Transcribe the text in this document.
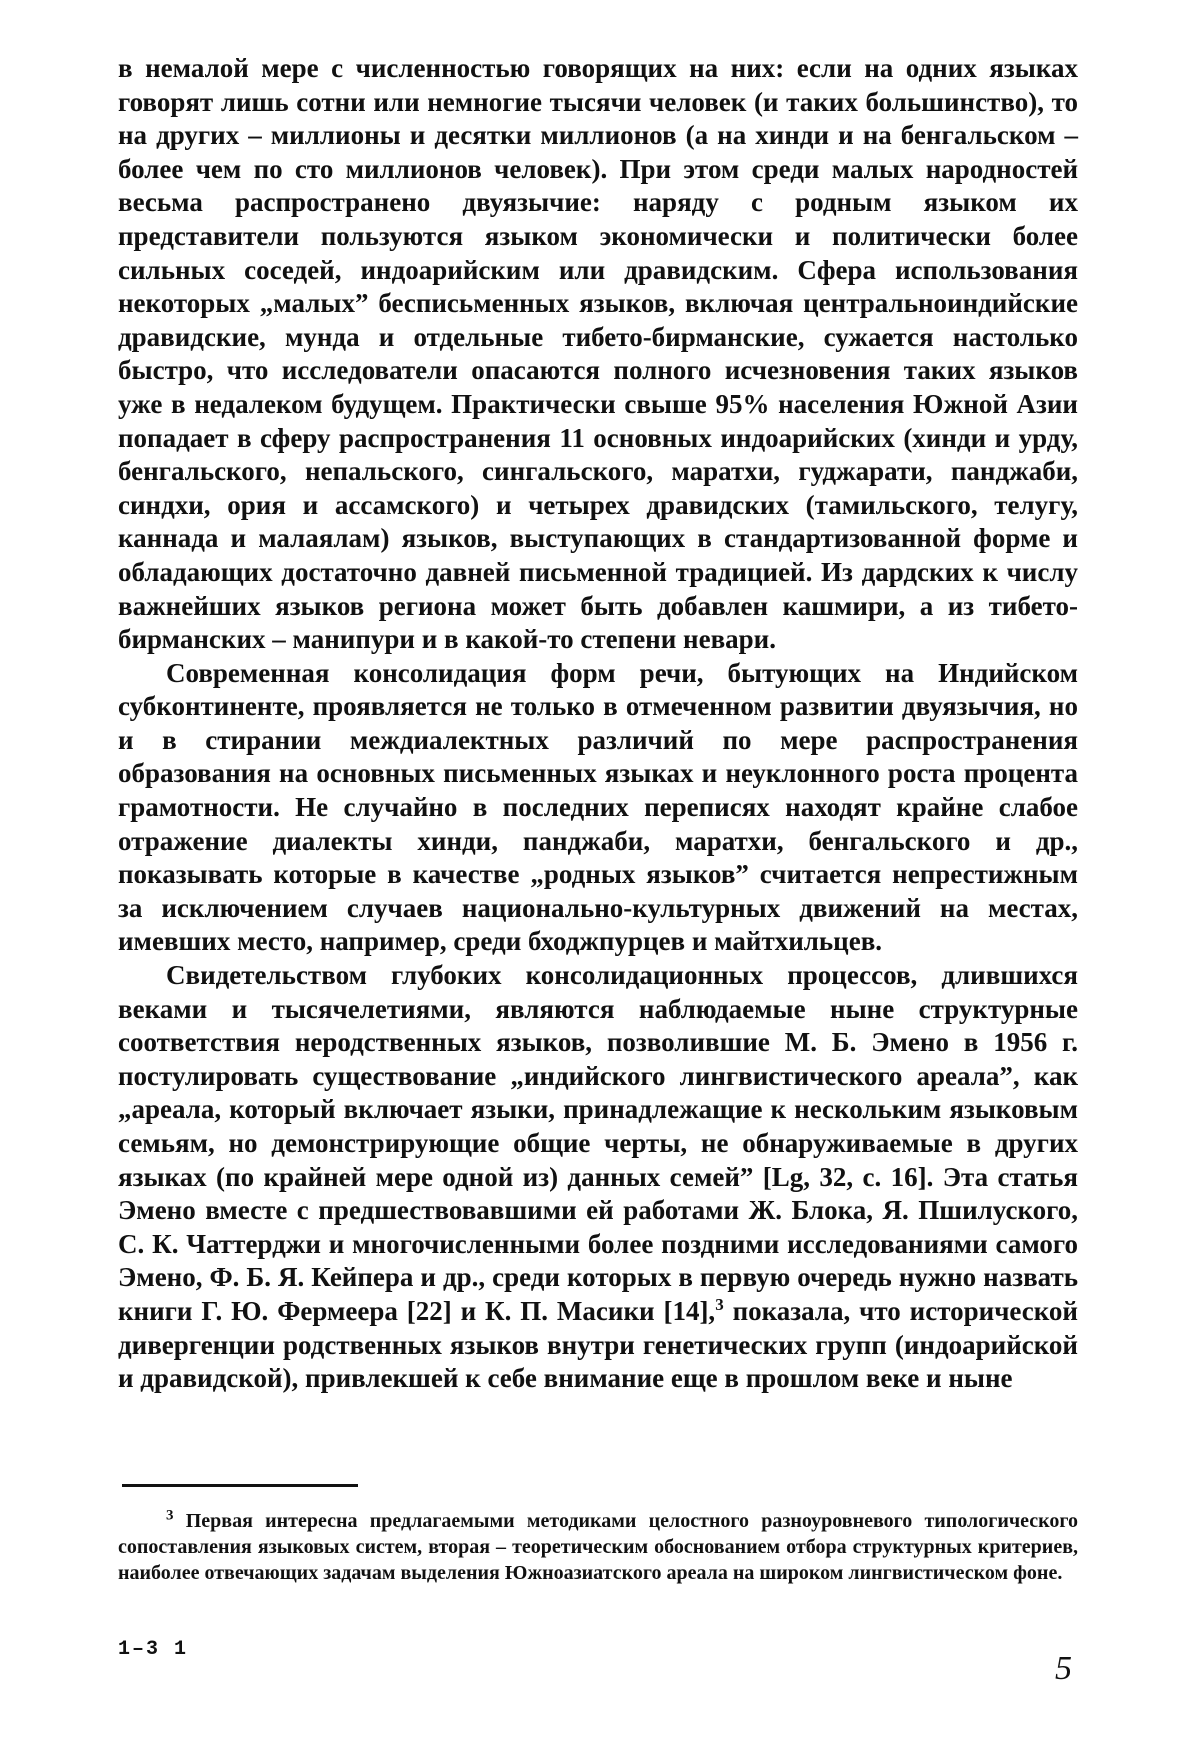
в немалой мере с численностью говорящих на них: если на одних языках говорят лишь сотни или немногие тысячи человек (и таких большинство), то на других – миллионы и десятки миллионов (а на хинди и на бенгальском – более чем по сто миллионов человек). При этом среди малых народностей весьма распространено двуязычие: наряду с родным языком их представители пользуются языком экономически и политически более сильных соседей, индоарийским или дравидским. Сфера использования некоторых „малых” бесписьменных языков, включая центральноиндийские дравидские, мунда и отдельные тибето-бирманские, сужается настолько быстро, что исследователи опасаются полного исчезновения таких языков уже в недалеком будущем. Практически свыше 95% населения Южной Азии попадает в сферу распространения 11 основных индоарийских (хинди и урду, бенгальского, непальского, сингальского, маратхи, гуджарати, панджаби, синдхи, ория и ассамского) и четырех дравидских (тамильского, телугу, каннада и малаялам) языков, выступающих в стандартизованной форме и обладающих достаточно давней письменной традицией. Из дардских к числу важнейших языков региона может быть добавлен кашмири, а из тибето-бирманских – манипури и в какой-то степени невари.

Современная консолидация форм речи, бытующих на Индийском субконтиненте, проявляется не только в отмеченном развитии двуязычия, но и в стирании междиалектных различий по мере распространения образования на основных письменных языках и неуклонного роста процента грамотности. Не случайно в последних переписях находят крайне слабое отражение диалекты хинди, панджаби, маратхи, бенгальского и др., показывать которые в качестве „родных языков” считается непрестижным за исключением случаев национально-культурных движений на местах, имевших место, например, среди бходжпурцев и майтхильцев.

Свидетельством глубоких консолидационных процессов, длившихся веками и тысячелетиями, являются наблюдаемые ныне структурные соответствия неродственных языков, позволившие М. Б. Эмено в 1956 г. постулировать существование „индийского лингвистического ареала”, как „ареала, который включает языки, принадлежащие к нескольким языковым семьям, но демонстрирующие общие черты, не обнаруживаемые в других языках (по крайней мере одной из) данных семей” [Lg, 32, с. 16]. Эта статья Эмено вместе с предшествовавшими ей работами Ж. Блока, Я. Пшилуского, С. К. Чаттерджи и многочисленными более поздними исследованиями самого Эмено, Ф. Б. Я. Кейпера и др., среди которых в первую очередь нужно назвать книги Г. Ю. Фермеера [22] и К. П. Масики [14],$^3$ показала, что исторической дивергенции родственных языков внутри генетических групп (индоарийской и дравидской), привлекшей к себе внимание еще в прошлом веке и ныне

$^3$ Первая интересна предлагаемыми методиками целостного разноуровневого типологического сопоставления языковых систем, вторая – теоретическим обоснованием отбора структурных критериев, наиболее отвечающих задачам выделения Южноазиатского ареала на широком лингвистическом фоне.

1–3 1
5
